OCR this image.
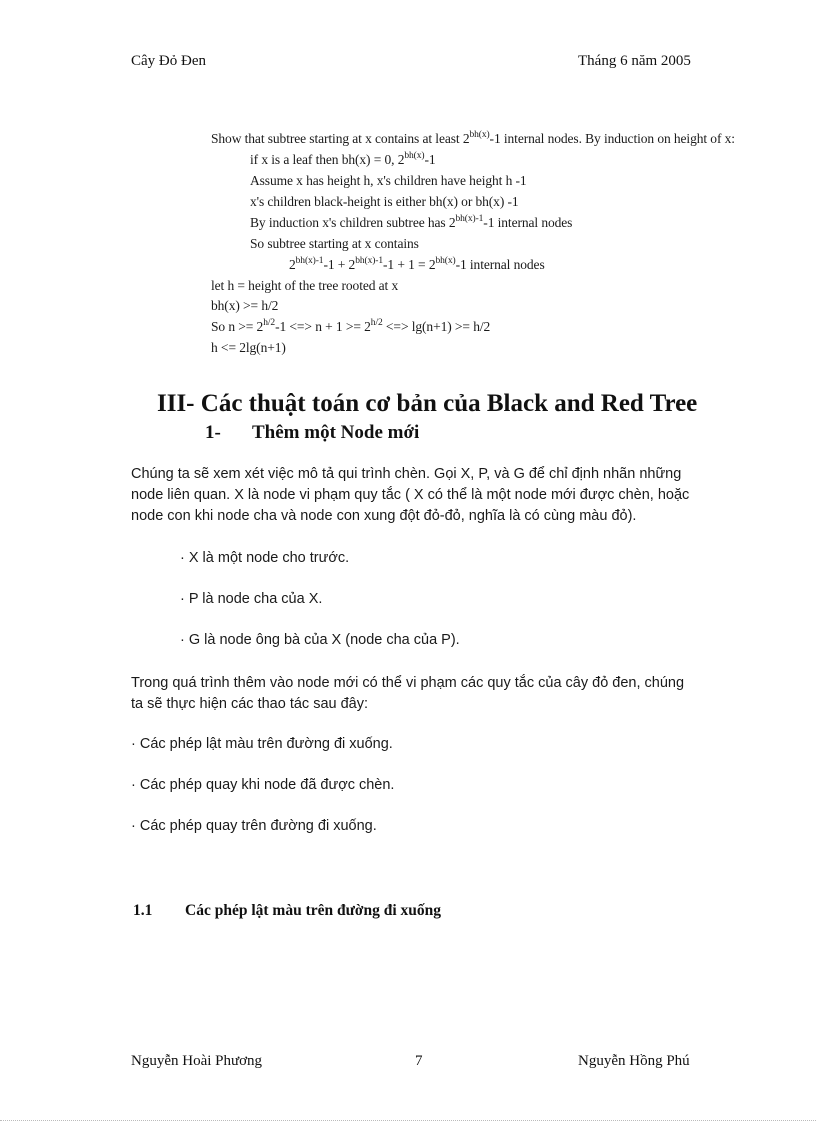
Cây Đỏ Đen	Tháng 6 năm 2005
Show that subtree starting at x contains at least $2^{bh(x)}-1$ internal nodes. By induction on height of x:
if x is a leaf then bh(x) = 0, $2^{bh(x)}-1$
Assume x has height h, x's children have height h -1
x's children black-height is either bh(x) or bh(x) -1
By induction x's children subtree has $2^{bh(x)-1}-1$ internal nodes
So subtree starting at x contains
$2^{bh(x)-1}-1 + 2^{bh(x)-1}-1 + 1 = 2^{bh(x)}-1$ internal nodes
let h = height of the tree rooted at x
bh(x) >= h/2
So $n >= 2^{h/2}-1$ <=> $n + 1 >= 2^{h/2}$ <=> lg(n+1) >= h/2
h <= 2lg(n+1)
III- Các thuật toán cơ bản của Black and Red Tree
1- Thêm một Node mới
Chúng ta sẽ xem xét việc mô tả qui trình chèn. Gọi X, P, và G để chỉ định nhãn những
node liên quan. X là node vi phạm quy tắc ( X có thể là một node mới được chèn, hoặc
node con khi node cha và node con xung đột đỏ-đỏ, nghĩa là có cùng màu đỏ).
· X là một node cho trước.
· P là node cha của X.
· G là node ông bà của X (node cha của P).
Trong quá trình thêm vào node mới có thể vi phạm các quy tắc của cây đỏ đen, chúng
ta sẽ thực hiện các thao tác sau đây:
· Các phép lật màu trên đường đi xuống.
· Các phép quay khi node đã được chèn.
· Các phép quay trên đường đi xuống.
1.1 Các phép lật màu trên đường đi xuống
Nguyễn Hoài Phương	7	Nguyễn Hồng Phú
